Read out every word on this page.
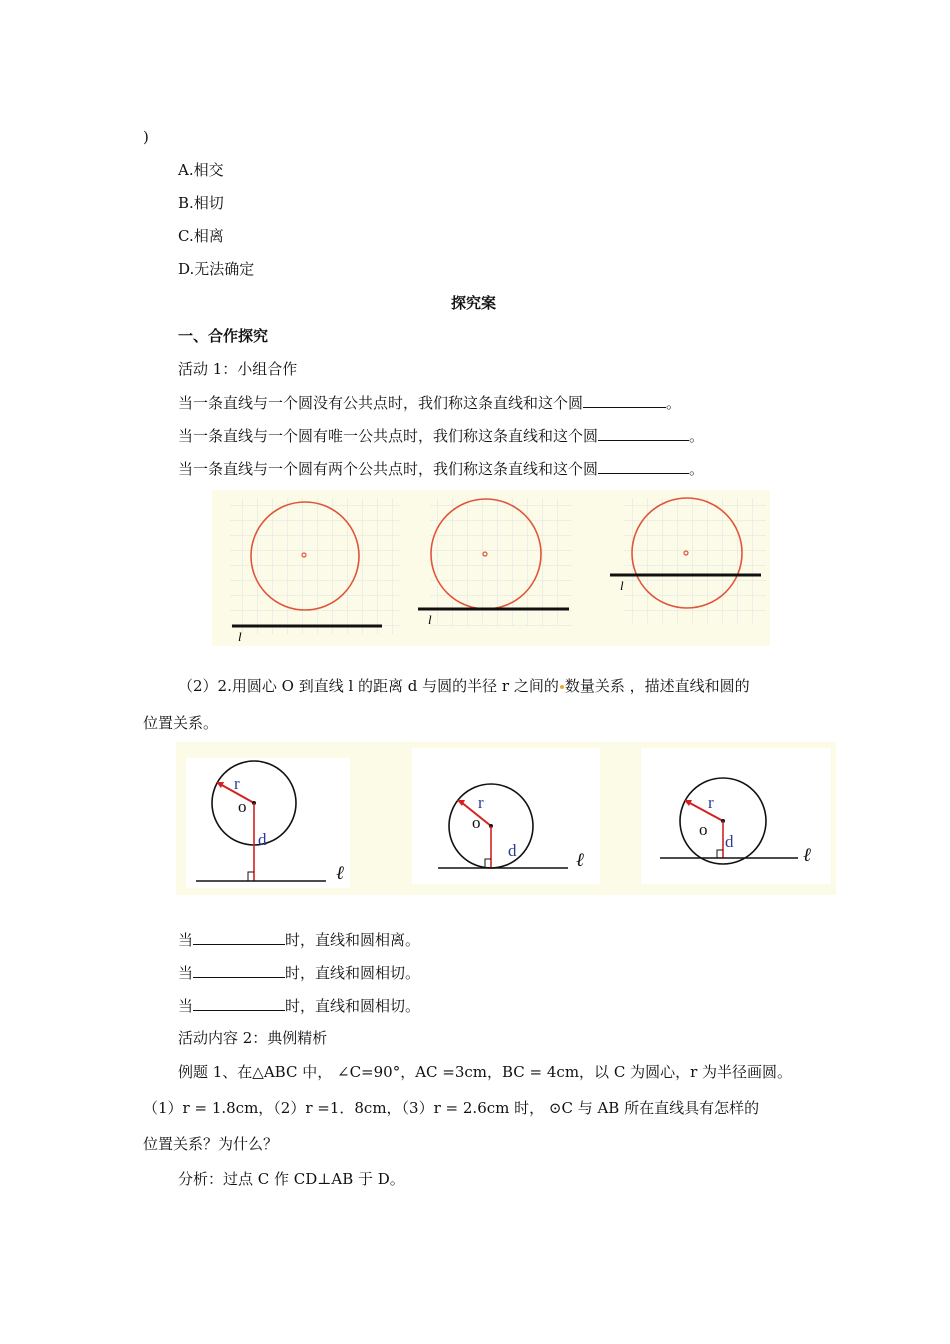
)
A.相交
B.相切
C.相离
D.无法确定
探究案
一、合作探究
活动 1：小组合作
当一条直线与一个圆没有公共点时，我们称这条直线和这个圆	。
当一条直线与一个圆有唯一公共点时，我们称这条直线和这个圆	。
当一条直线与一个圆有两个公共点时，我们称这条直线和这个圆	。
l
l
l
（2）2.用圆心 O 到直线 l 的距离 d 与圆的半径 r 之间的 数量关系 ，描述直线和圆的
位置关系。
r
o
d
ℓ
r
o
d	ℓ
r
o
d
ℓ
当	时，直线和圆相离。
当	时，直线和圆相切。
当	时，直线和圆相切。
活动内容 2：典例精析
例题 1、在△ABC 中， ∠C=90°，AC =3cm，BC = 4cm，以 C 为圆心，r 为半径画圆。
（1）r = 1.8cm，（2）r =1．8cm，（3）r = 2.6cm 时， ⊙C 与 AB 所在直线具有怎样的
位置关系？为什么？
分析：过点 C 作 CD⊥AB 于 D。
